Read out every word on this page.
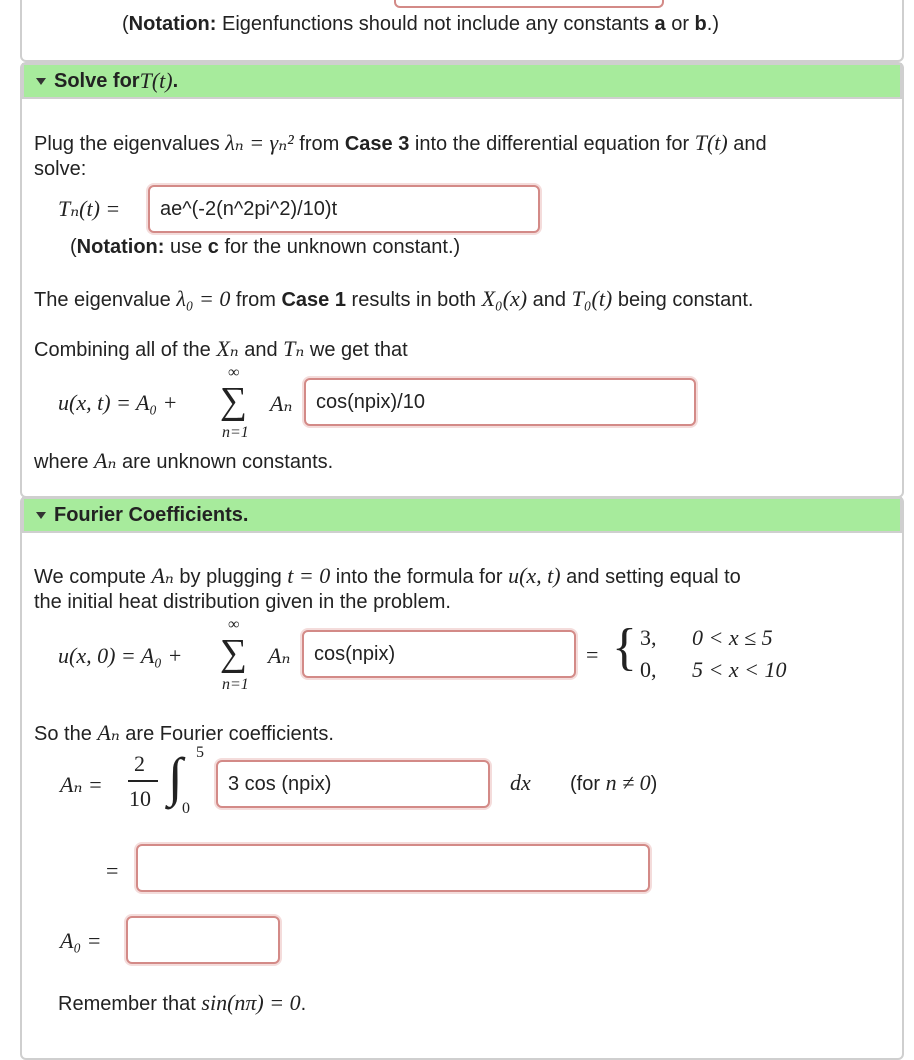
(Notation: Eigenfunctions should not include any constants a or b.)
Solve for T(t) .
Plug the eigenvalues λₙ = γₙ² from Case 3 into the differential equation for T(t) and
solve:
Tₙ(t) =	ae^(-2(n^2pi^2)/10)t
(Notation: use c for the unknown constant.)
The eigenvalue λ₀ = 0 from Case 1 results in both X₀(x) and T₀(t) being constant.
Combining all of the Xₙ and Tₙ we get that
u(x, t) = A₀ +
∞
∑
n=1
Aₙ	cos(npix)/10
where Aₙ are unknown constants.
Fourier Coefficients.
We compute Aₙ by plugging t = 0 into the formula for u(x, t) and setting equal to
the initial heat distribution given in the problem.
u(x, 0) = A₀ +
∞
∑
n=1
Aₙ	cos(npix)	= { 3, 0 < x ≤ 5
0, 5 < x < 10
So the Aₙ are Fourier coefficients.
Aₙ =
2
10 ∫ 5
0
3 cos (npix)	dx (for n ≠ 0)
=
A₀ =
Remember that sin(nπ) = 0.
